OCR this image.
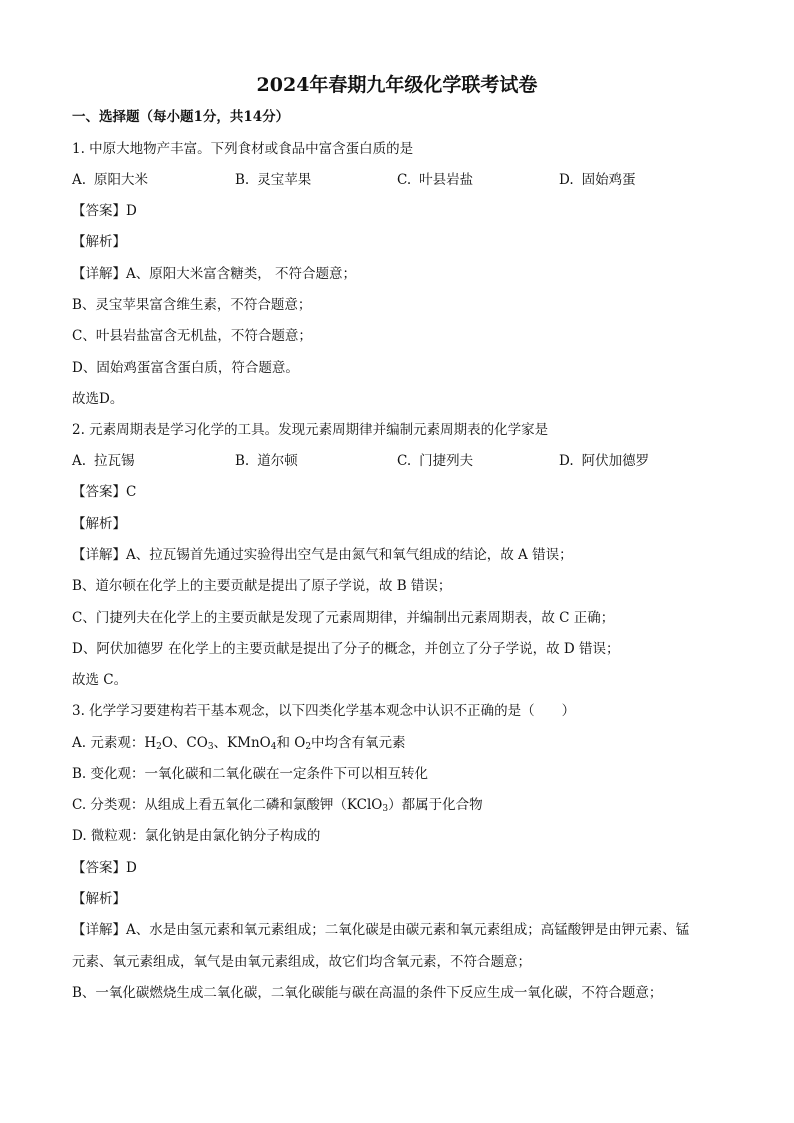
2024年春期九年级化学联考试卷
一、选择题（每小题1分，共14分）
1. 中原大地物产丰富。下列食材或食品中富含蛋白质的是
A. 原阳大米	B. 灵宝苹果	C. 叶县岩盐	D. 固始鸡蛋
【答案】D
【解析】
【详解】A、原阳大米富含糖类， 不符合题意；
B、灵宝苹果富含维生素，不符合题意；
C、叶县岩盐富含无机盐，不符合题意；
D、固始鸡蛋富含蛋白质，符合题意。
故选D。
2. 元素周期表是学习化学的工具。发现元素周期律并编制元素周期表的化学家是
A. 拉瓦锡	B. 道尔顿	C. 门捷列夫	D. 阿伏加德罗
【答案】C
【解析】
【详解】A、拉瓦锡首先通过实验得出空气是由氮气和氧气组成的结论，故 A 错误；
B、道尔顿在化学上的主要贡献是提出了原子学说，故 B 错误；
C、门捷列夫在化学上的主要贡献是发现了元素周期律，并编制出元素周期表，故 C 正确；
D、阿伏加德罗 在化学上的主要贡献是提出了分子的概念，并创立了分子学说，故 D 错误；
故选 C。
3. 化学学习要建构若干基本观念，以下四类化学基本观念中认识不正确的是（　　）
A. 元素观：$H_2O$、$CO_3$、KMnO$_4$和 $O_2$中均含有氧元素
B. 变化观：一氧化碳和二氧化碳在一定条件下可以相互转化
C. 分类观：从组成上看五氧化二磷和氯酸钾（KClO$_3$）都属于化合物
D. 微粒观：氯化钠是由氯化钠分子构成的
【答案】D
【解析】
【详解】A、水是由氢元素和氧元素组成；二氧化碳是由碳元素和氧元素组成；高锰酸钾是由钾元素、锰
元素、氧元素组成，氧气是由氧元素组成，故它们均含氧元素，不符合题意；
B、一氧化碳燃烧生成二氧化碳，二氧化碳能与碳在高温的条件下反应生成一氧化碳，不符合题意；
